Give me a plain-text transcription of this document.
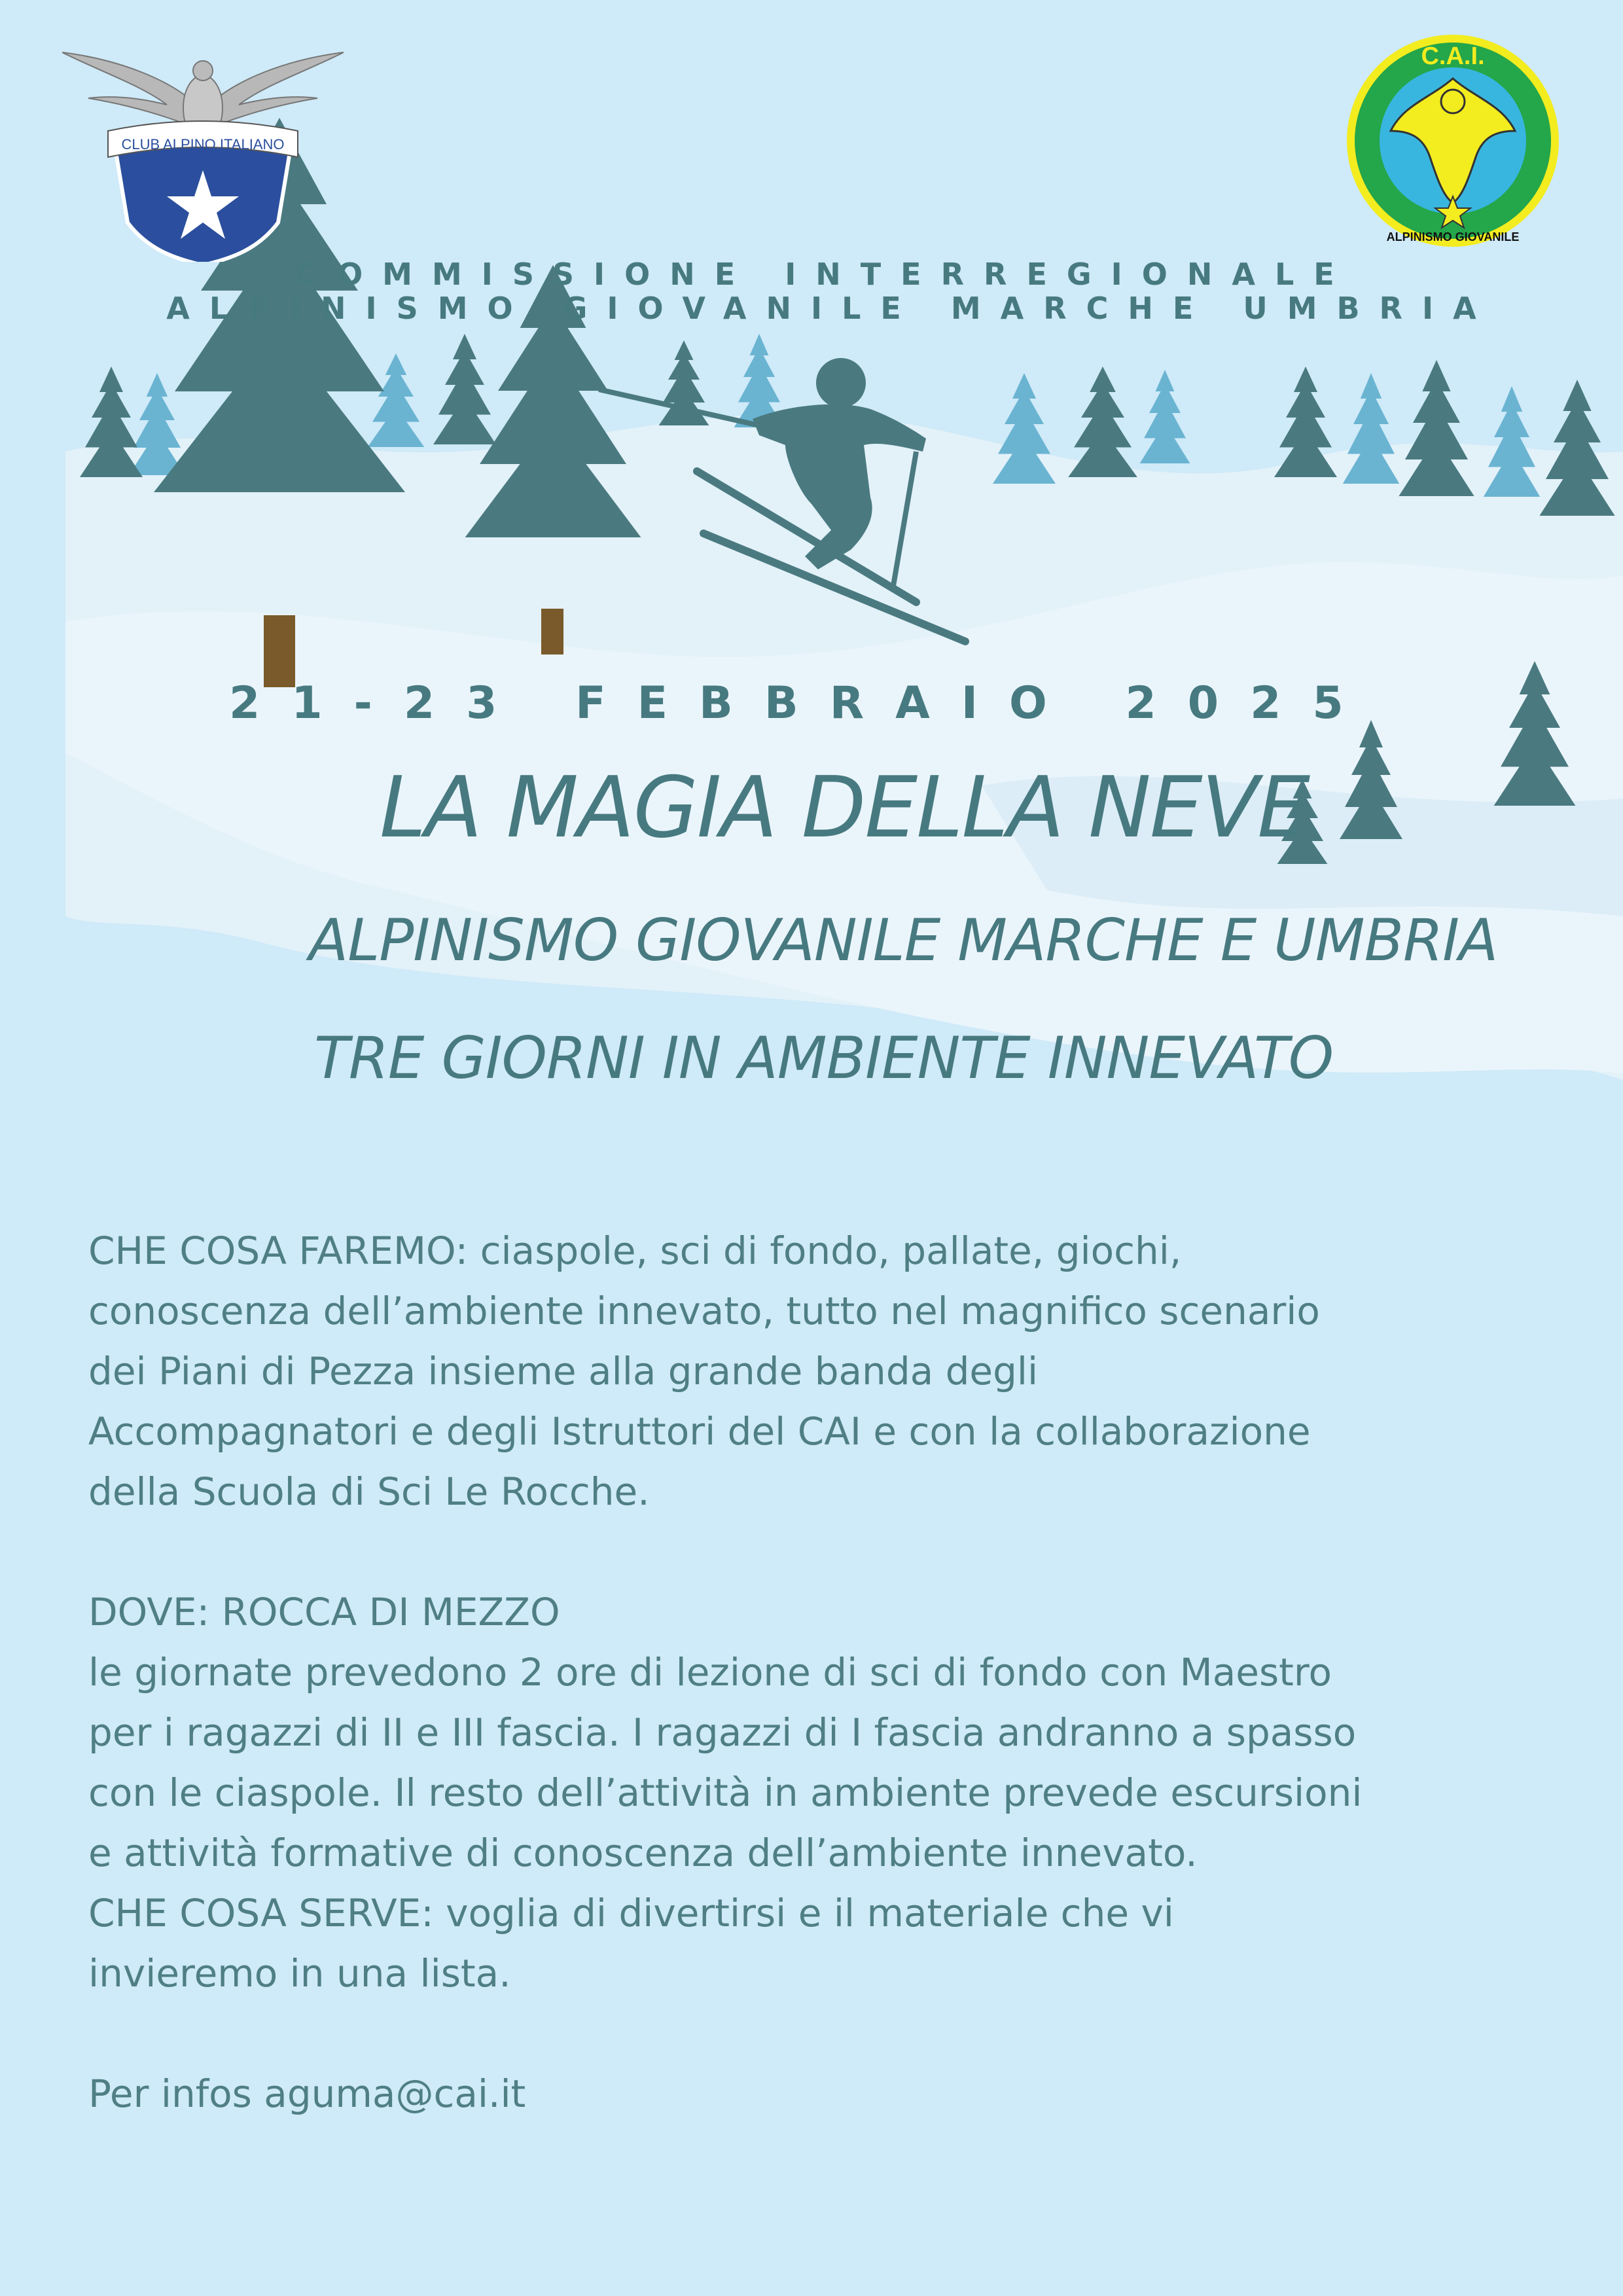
CLUB ALPINO ITALIANO
C.A.I.
ALPINISMO GIOVANILE
COMMISSIONE INTERREGIONALE
ALPINISMO GIOVANILE MARCHE UMBRIA
21-23 FEBBRAIO 2025
LA MAGIA DELLA NEVE
ALPINISMO GIOVANILE MARCHE E UMBRIA
TRE GIORNI IN AMBIENTE INNEVATO

CHE COSA FAREMO: ciaspole, sci di fondo, pallate, giochi,

conoscenza dell’ambiente innevato, tutto nel magnifico scenario

dei Piani di Pezza insieme alla grande banda degli

Accompagnatori e degli Istruttori del CAI e con la collaborazione

della Scuola di Sci Le Rocche.

DOVE: ROCCA DI MEZZO

le giornate prevedono 2 ore di lezione di sci di fondo con Maestro

per i ragazzi di II e III fascia. I ragazzi di I fascia andranno a spasso

con le ciaspole. Il resto dell’attività in ambiente prevede escursioni

e attività formative di conoscenza dell’ambiente innevato.

CHE COSA SERVE: voglia di divertirsi e il materiale che vi

invieremo in una lista.

Per infos aguma@cai.it
